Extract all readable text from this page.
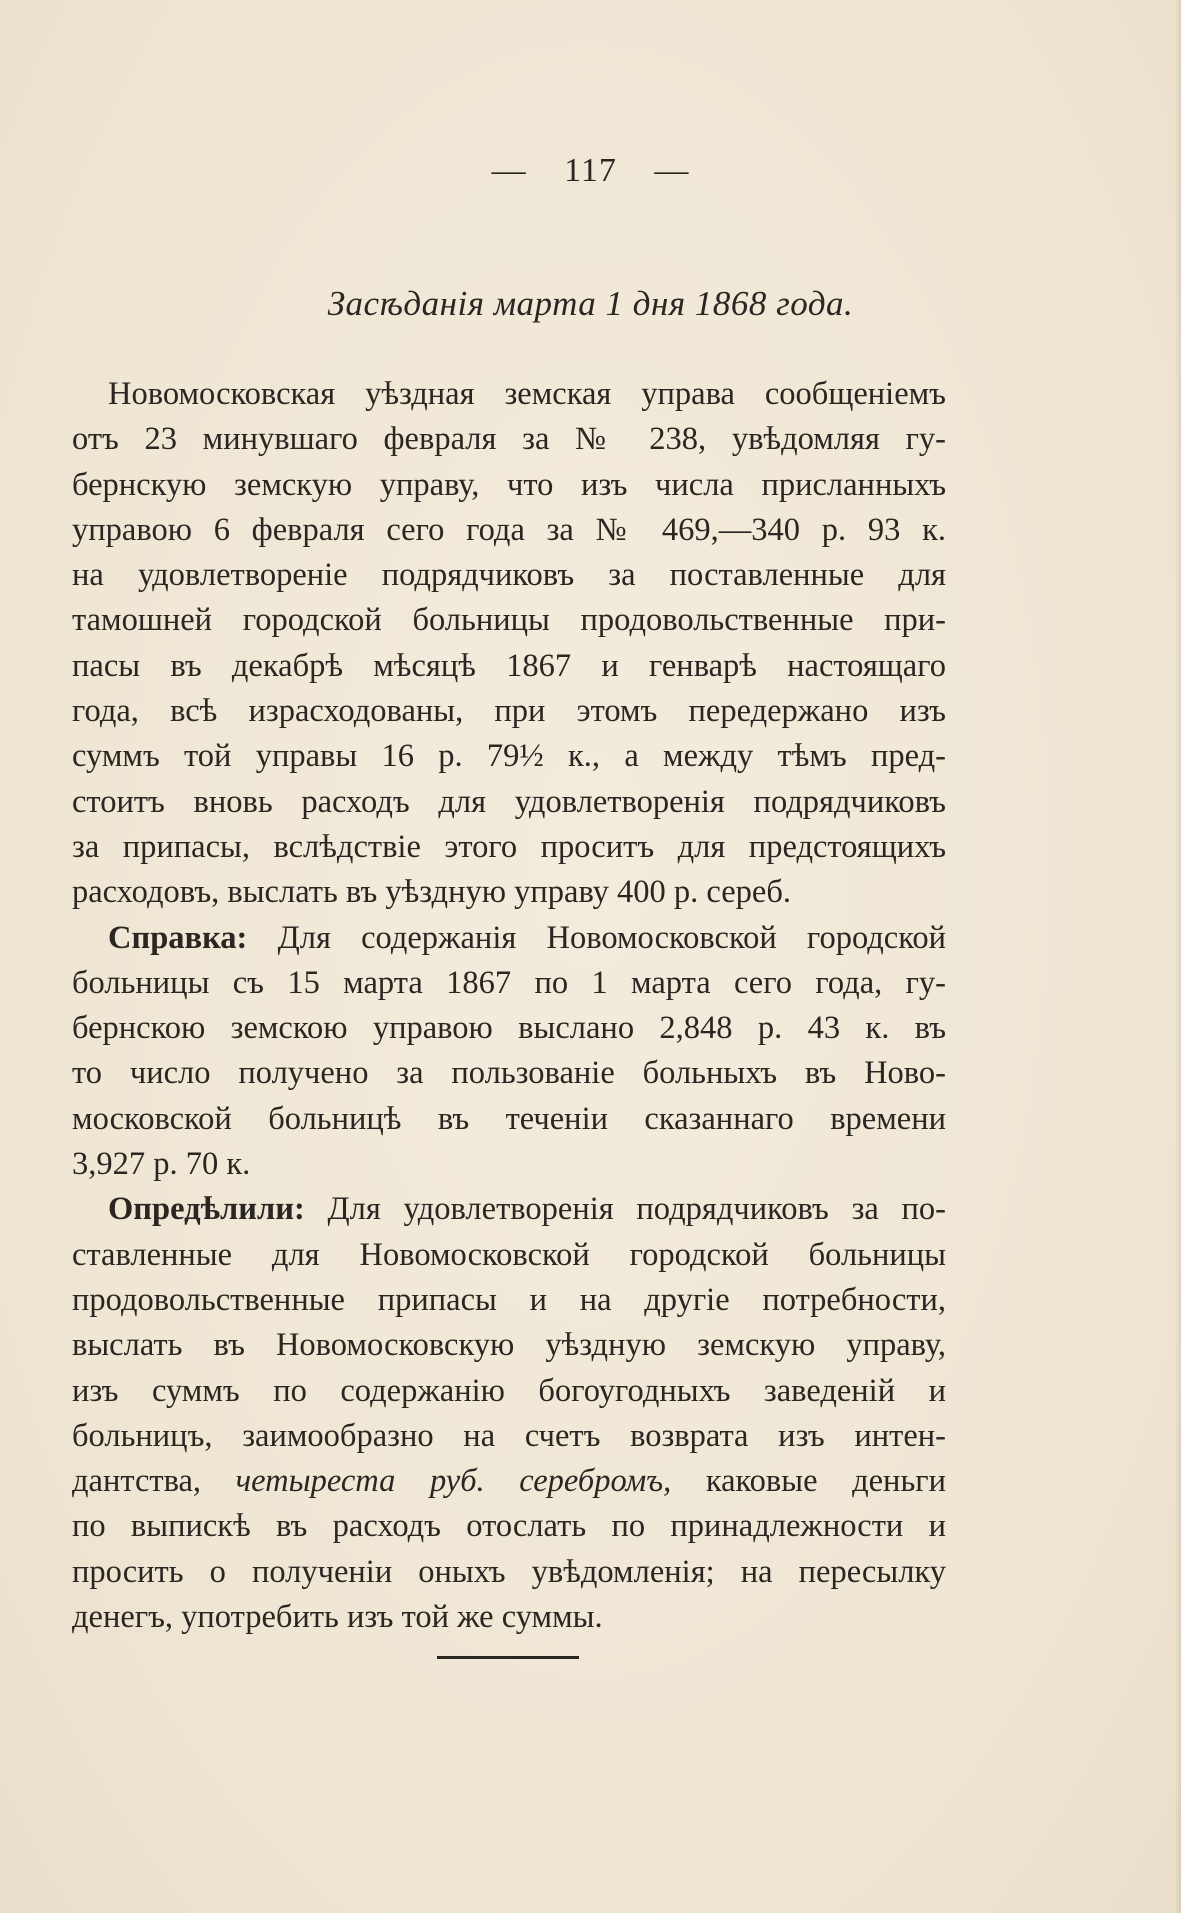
— 117 —
Засѣданія марта 1 дня 1868 года.
Новомосковская уѣздная земская управа сообщеніемъ
отъ 23 минувшаго февраля за № 238, увѣдомляя гу-
бернскую земскую управу, что изъ числа присланныхъ
управою 6 февраля сего года за № 469,—340 р. 93 к.
на удовлетвореніе подрядчиковъ за поставленные для
тамошней городской больницы продовольственные при-
пасы въ декабрѣ мѣсяцѣ 1867 и генварѣ настоящаго
года, всѣ израсходованы, при этомъ передержано изъ
суммъ той управы 16 р. 79½ к., а между тѣмъ пред-
стоитъ вновь расходъ для удовлетворенія подрядчиковъ
за припасы, вслѣдствіе этого проситъ для предстоящихъ
расходовъ, выслать въ уѣздную управу 400 р. сереб.
Справка: Для содержанія Новомосковской городской
больницы съ 15 марта 1867 по 1 марта сего года, гу-
бернскою земскою управою выслано 2,848 р. 43 к. въ
то число получено за пользованіе больныхъ въ Ново-
московской больницѣ въ теченіи сказаннаго времени
3,927 р. 70 к.
Опредѣлили: Для удовлетворенія подрядчиковъ за по-
ставленные для Новомосковской городской больницы
продовольственные припасы и на другіе потребности,
выслать въ Новомосковскую уѣздную земскую управу,
изъ суммъ по содержанію богоугодныхъ заведеній и
больницъ, заимообразно на счетъ возврата изъ интен-
дантства, четыреста руб. серебромъ, каковые деньги
по выпискѣ въ расходъ отослать по принадлежности и
просить о полученіи оныхъ увѣдомленія; на пересылку
денегъ, употребить изъ той же суммы.
